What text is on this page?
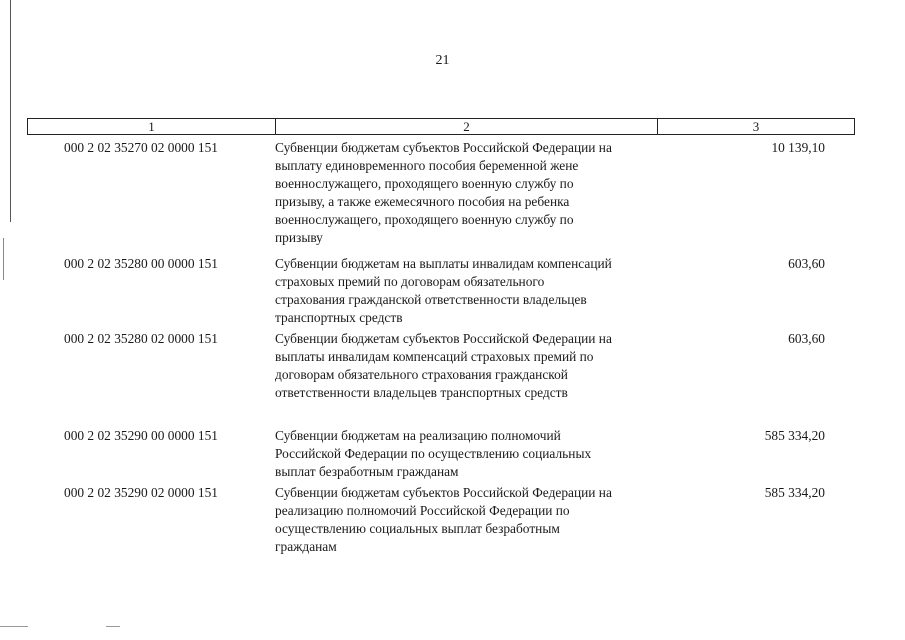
21
1	2	3
000 2 02 35270 02 0000 151	Субвенции бюджетам субъектов Российской Федерации на
выплату единовременного пособия беременной жене
военнослужащего, проходящего военную службу по
призыву, а также ежемесячного пособия на ребенка
военнослужащего, проходящего военную службу по
призыву
10 139,10
000 2 02 35280 00 0000 151	Субвенции бюджетам на выплаты инвалидам компенсаций
страховых премий по договорам обязательного
страхования гражданской ответственности владельцев
транспортных средств
603,60
000 2 02 35280 02 0000 151	Субвенции бюджетам субъектов Российской Федерации на
выплаты инвалидам компенсаций страховых премий по
договорам обязательного страхования гражданской
ответственности владельцев транспортных средств
603,60
000 2 02 35290 00 0000 151	Субвенции бюджетам на реализацию полномочий
Российской Федерации по осуществлению социальных
выплат безработным гражданам
585 334,20
000 2 02 35290 02 0000 151	Субвенции бюджетам субъектов Российской Федерации на
реализацию полномочий Российской Федерации по
осуществлению социальных выплат безработным
гражданам
585 334,20
